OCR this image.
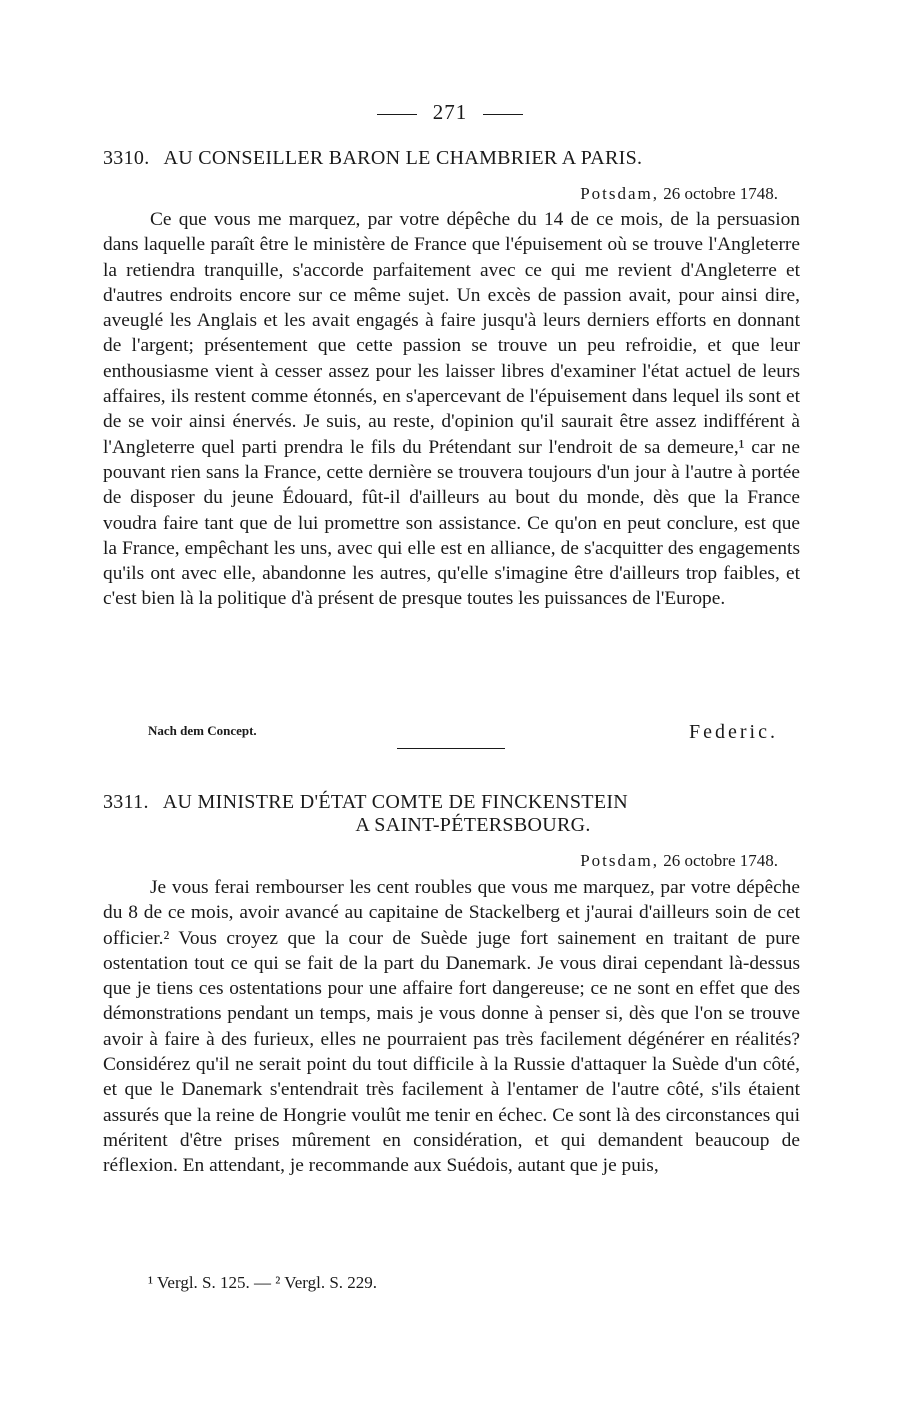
271
3310. AU CONSEILLER BARON LE CHAMBRIER A PARIS.
Potsdam, 26 octobre 1748.

Ce que vous me marquez, par votre dépêche du 14 de ce mois, de la persuasion dans laquelle paraît être le ministère de France que l'épuisement où se trouve l'Angleterre la retiendra tranquille, s'accorde parfaitement avec ce qui me revient d'Angleterre et d'autres endroits encore sur ce même sujet. Un excès de passion avait, pour ainsi dire, aveuglé les Anglais et les avait engagés à faire jusqu'à leurs derniers efforts en donnant de l'argent; présentement que cette passion se trouve un peu refroidie, et que leur enthousiasme vient à cesser assez pour les laisser libres d'examiner l'état actuel de leurs affaires, ils restent comme étonnés, en s'apercevant de l'épuisement dans lequel ils sont et de se voir ainsi énervés. Je suis, au reste, d'opinion qu'il saurait être assez indifférent à l'Angleterre quel parti prendra le fils du Prétendant sur l'endroit de sa demeure,¹ car ne pouvant rien sans la France, cette dernière se trouvera toujours d'un jour à l'autre à portée de disposer du jeune Édouard, fût-il d'ailleurs au bout du monde, dès que la France voudra faire tant que de lui promettre son assistance. Ce qu'on en peut conclure, est que la France, empêchant les uns, avec qui elle est en alliance, de s'acquitter des engagements qu'ils ont avec elle, abandonne les autres, qu'elle s'imagine être d'ailleurs trop faibles, et c'est bien là la politique d'à présent de presque toutes les puissances de l'Europe.

Nach dem Concept.	Federic.
3311. AU MINISTRE D'ÉTAT COMTE DE FINCKENSTEIN
A SAINT-PÉTERSBOURG.
Potsdam, 26 octobre 1748.

Je vous ferai rembourser les cent roubles que vous me marquez, par votre dépêche du 8 de ce mois, avoir avancé au capitaine de Stackelberg et j'aurai d'ailleurs soin de cet officier.² Vous croyez que la cour de Suède juge fort sainement en traitant de pure ostentation tout ce qui se fait de la part du Danemark. Je vous dirai cependant là-dessus que je tiens ces ostentations pour une affaire fort dangereuse; ce ne sont en effet que des démonstrations pendant un temps, mais je vous donne à penser si, dès que l'on se trouve avoir à faire à des furieux, elles ne pourraient pas très facilement dégénérer en réalités? Considérez qu'il ne serait point du tout difficile à la Russie d'attaquer la Suède d'un côté, et que le Danemark s'entendrait très facilement à l'entamer de l'autre côté, s'ils étaient assurés que la reine de Hongrie voulût me tenir en échec. Ce sont là des circonstances qui méritent d'être prises mûrement en considération, et qui demandent beaucoup de réflexion. En attendant, je recommande aux Suédois, autant que je puis,

¹ Vergl. S. 125. — ² Vergl. S. 229.
